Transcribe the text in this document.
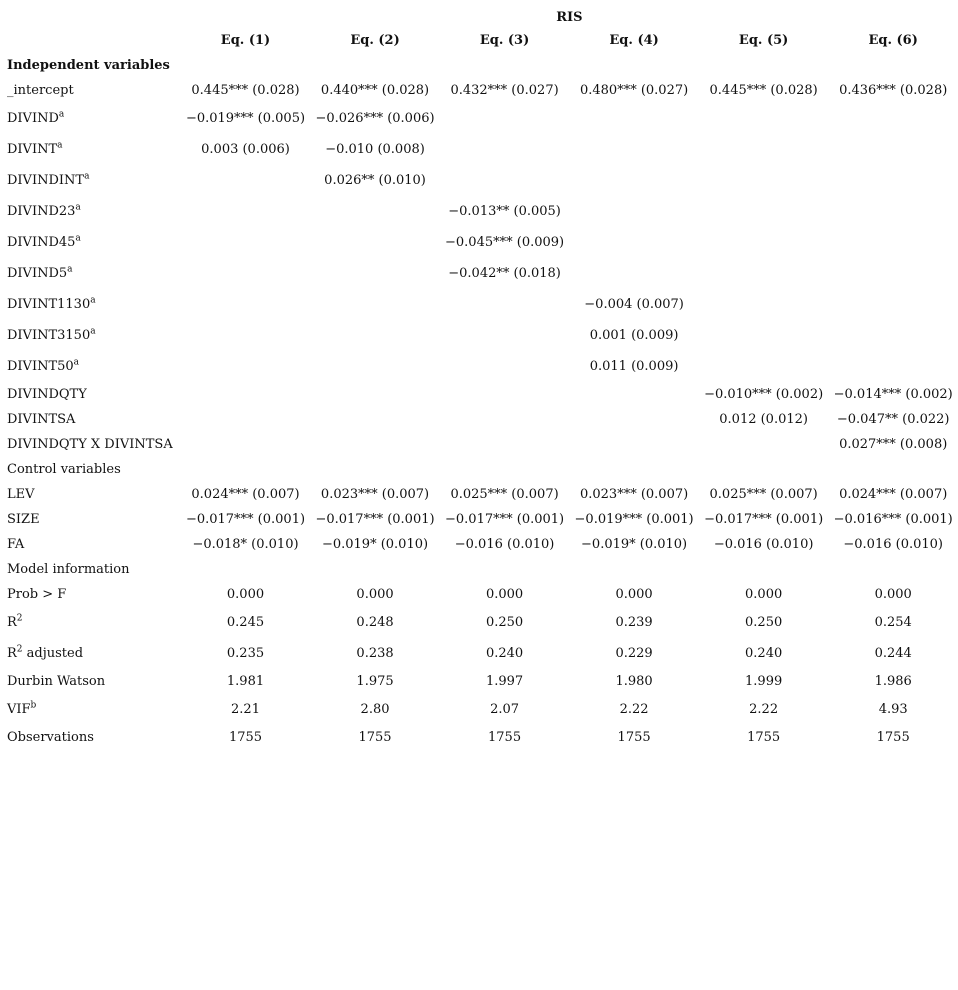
	RIS					
	Eq. (1)	Eq. (2)	Eq. (3)	Eq. (4)	Eq. (5)	Eq. (6)
Independent variables						
_intercept	0.445*** (0.028)	0.440*** (0.028)	0.432*** (0.027)	0.480*** (0.027)	0.445*** (0.028)	0.436*** (0.028)
$DIVIND^a$	−0.019*** (0.005)	−0.026*** (0.006)				
DIVINT$^a$	0.003 (0.006)	−0.010 (0.008)				
DIVINDINT$^a$		0.026** (0.010)				
DIVIND23$^a$			−0.013** (0.005)			
DIVIND45$^a$			−0.045*** (0.009)			
DIVIND5$^a$			−0.042** (0.018)			
DIVINT1130$^a$				−0.004 (0.007)		
DIVINT3150$^a$				0.001 (0.009)		
DIVINT50$^a$				0.011 (0.009)		
DIVINDQTY					−0.010*** (0.002)	−0.014*** (0.002)
DIVINTSA					0.012 (0.012)	−0.047** (0.022)
DIVINDQTY X DIVINTSA						0.027*** (0.008)
Control variables						
LEV	0.024*** (0.007)	0.023*** (0.007)	0.025*** (0.007)	0.023*** (0.007)	0.025*** (0.007)	0.024*** (0.007)
SIZE	−0.017*** (0.001)	−0.017*** (0.001)	−0.017*** (0.001)	−0.019*** (0.001)	−0.017*** (0.001)	−0.016*** (0.001)
FA	−0.018* (0.010)	−0.019* (0.010)	−0.016 (0.010)	−0.019* (0.010)	−0.016 (0.010)	−0.016 (0.010)
Model information						
Prob > F	0.000	0.000	0.000	0.000	0.000	0.000
$R^2$	0.245	0.248	0.250	0.239	0.250	0.254
$R^2$ adjusted	0.235	0.238	0.240	0.229	0.240	0.244
Durbin Watson	1.981	1.975	1.997	1.980	1.999	1.986
VIF$^b$	2.21	2.80	2.07	2.22	2.22	4.93
Observations	1755	1755	1755	1755	1755	1755
